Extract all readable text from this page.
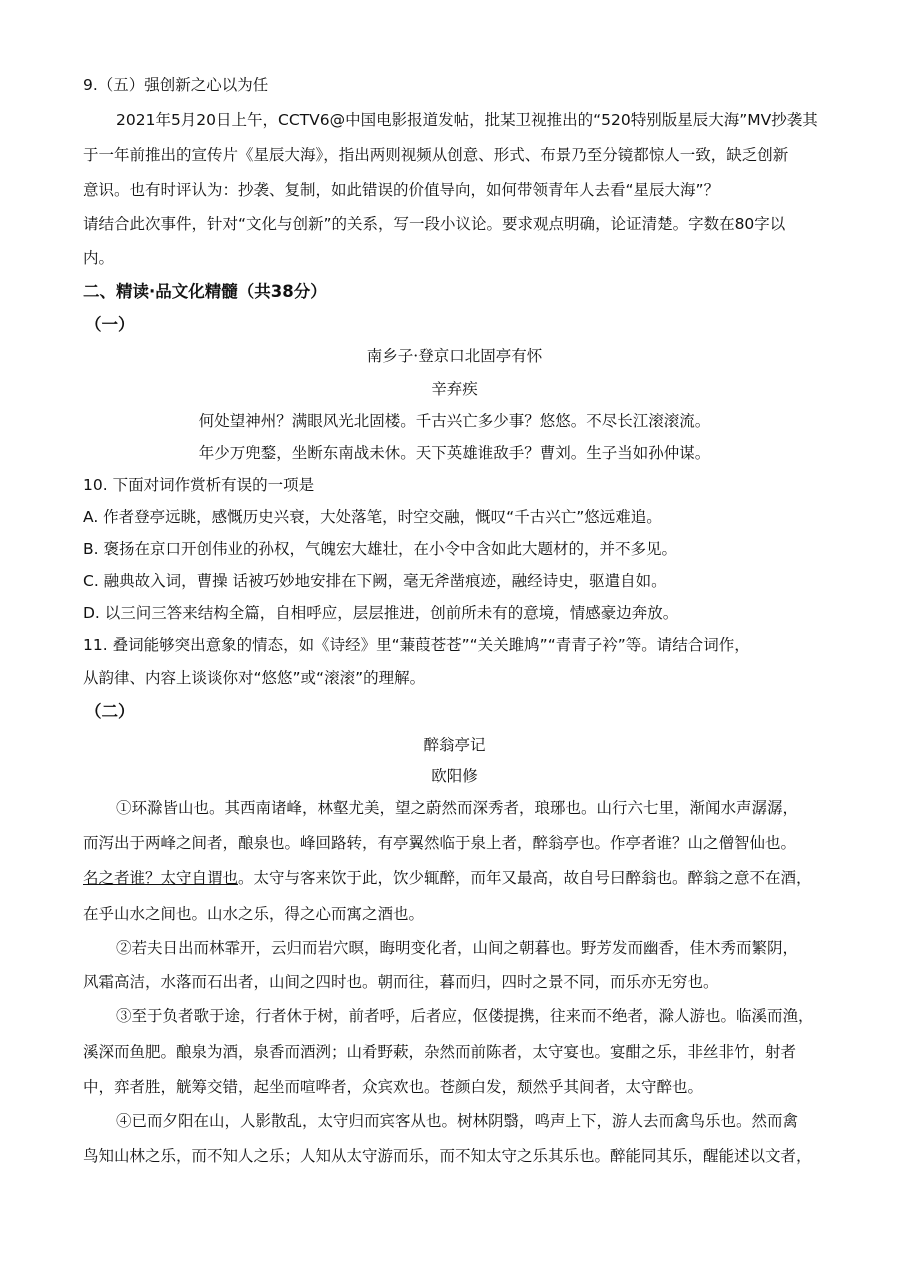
9.（五）强创新之心以为任
2021年5月20日上午，CCTV6@中国电影报道发帖，批某卫视推出的“520特别版星辰大海”MV抄袭其
于一年前推出的宣传片《星辰大海》，指出两则视频从创意、形式、布景乃至分镜都惊人一致，缺乏创新
意识。也有时评认为：抄袭、复制，如此错误的价值导向，如何带领青年人去看“星辰大海”？
请结合此次事件，针对“文化与创新”的关系，写一段小议论。要求观点明确，论证清楚。字数在80字以
内。
二、精读·品文化精髓（共38分）
（一）
南乡子·登京口北固亭有怀
辛弃疾
何处望神州？满眼风光北固楼。千古兴亡多少事？悠悠。不尽长江滚滚流。
年少万兜鍪，坐断东南战未休。天下英雄谁敌手？曹刘。生子当如孙仲谋。
10. 下面对词作赏析有误的一项是
A. 作者登亭远眺，感慨历史兴衰，大处落笔，时空交融，慨叹“千古兴亡”悠远难追。
B. 褒扬在京口开创伟业的孙权，气魄宏大雄壮，在小令中含如此大题材的，并不多见。
C. 融典故入词，曹操 话被巧妙地安排在下阙，毫无斧凿痕迹，融经诗史，驱遣自如。
D. 以三问三答来结构全篇，自相呼应，层层推进，创前所未有的意境，情感豪边奔放。
11. 叠词能够突出意象的情态，如《诗经》里“蒹葭苍苍”“关关雎鸠”“青青子衿”等。请结合词作，
从韵律、内容上谈谈你对“悠悠”或“滚滚”的理解。
（二）
醉翁亭记
欧阳修
①环滁皆山也。其西南诸峰，林壑尤美，望之蔚然而深秀者，琅琊也。山行六七里，渐闻水声潺潺，
而泻出于两峰之间者，酿泉也。峰回路转，有亭翼然临于泉上者，醉翁亭也。作亭者谁？山之僧智仙也。
名之者谁？太守自谓也。太守与客来饮于此，饮少辄醉，而年又最高，故自号曰醉翁也。醉翁之意不在酒，
在乎山水之间也。山水之乐，得之心而寓之酒也。
②若夫日出而林霏开，云归而岩穴暝，晦明变化者，山间之朝暮也。野芳发而幽香，佳木秀而繁阴，
风霜高洁，水落而石出者，山间之四时也。朝而往，暮而归，四时之景不同，而乐亦无穷也。
③至于负者歌于途，行者休于树，前者呼，后者应，伛偻提携，往来而不绝者，滁人游也。临溪而渔，
溪深而鱼肥。酿泉为酒，泉香而酒洌；山肴野蔌，杂然而前陈者，太守宴也。宴酣之乐，非丝非竹，射者
中，弈者胜，觥筹交错，起坐而喧哗者，众宾欢也。苍颜白发，颓然乎其间者，太守醉也。
④已而夕阳在山，人影散乱，太守归而宾客从也。树林阴翳，鸣声上下，游人去而禽鸟乐也。然而禽
鸟知山林之乐，而不知人之乐；人知从太守游而乐，而不知太守之乐其乐也。醉能同其乐，醒能述以文者，
